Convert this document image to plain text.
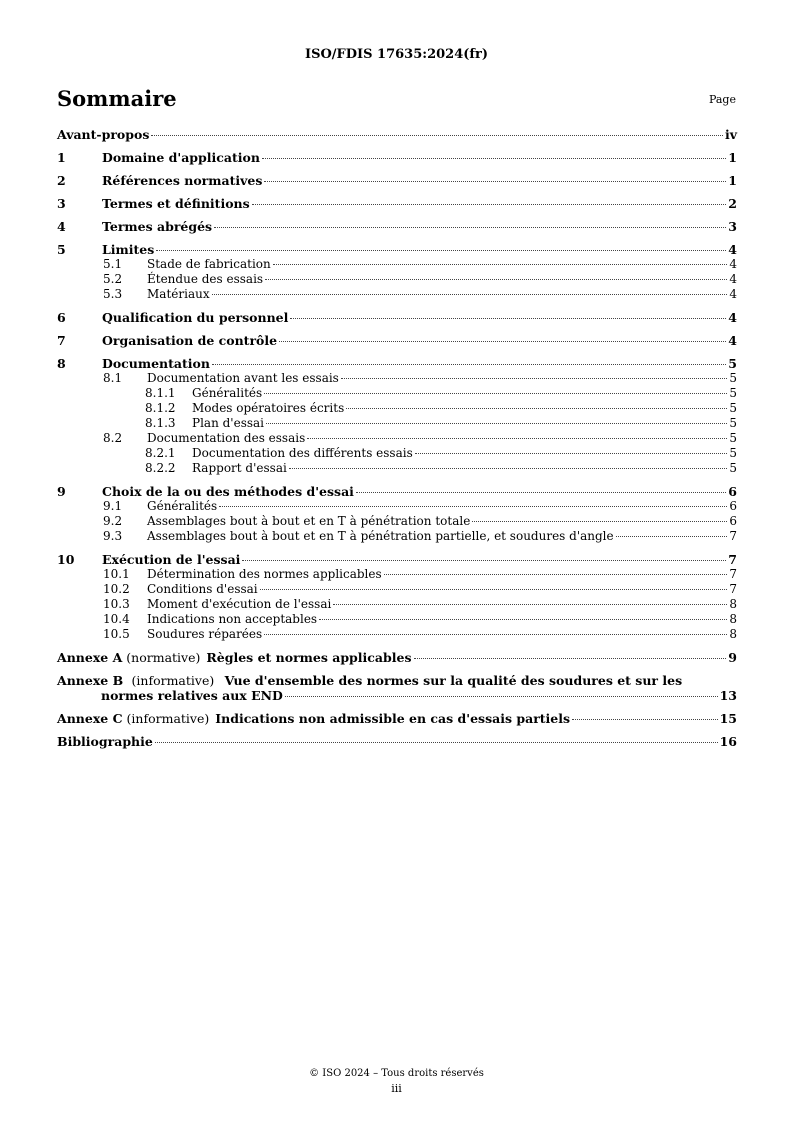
ISO/FDIS 17635:2024(fr)
Sommaire	Page
Avant-propos	iv
1	Domaine d'application	1
2	Références normatives	1
3	Termes et définitions	2
4	Termes abrégés	3
5	Limites	4
5.1	Stade de fabrication	4
5.2	Étendue des essais	4
5.3	Matériaux	4
6	Qualification du personnel	4
7	Organisation de contrôle	4
8	Documentation	5
8.1	Documentation avant les essais	5
8.1.1	Généralités	5
8.1.2	Modes opératoires écrits	5
8.1.3	Plan d'essai	5
8.2	Documentation des essais	5
8.2.1	Documentation des différents essais	5
8.2.2	Rapport d'essai	5
9	Choix de la ou des méthodes d'essai	6
9.1	Généralités	6
9.2	Assemblages bout à bout et en T à pénétration totale	6
9.3	Assemblages bout à bout et en T à pénétration partielle, et soudures d'angle	7
10	Exécution de l'essai	7
10.1	Détermination des normes applicables	7
10.2	Conditions d'essai	7
10.3	Moment d'exécution de l'essai	8
10.4	Indications non acceptables	8
10.5	Soudures réparées	8
Annexe A (normative) Règles et normes applicables	9
Annexe B (informative) Vue d'ensemble des normes sur la qualité des soudures et sur les
normes relatives aux END	13
Annexe C (informative) Indications non admissible en cas d'essais partiels	15
Bibliographie	16
© ISO 2024 – Tous droits réservés
iii
